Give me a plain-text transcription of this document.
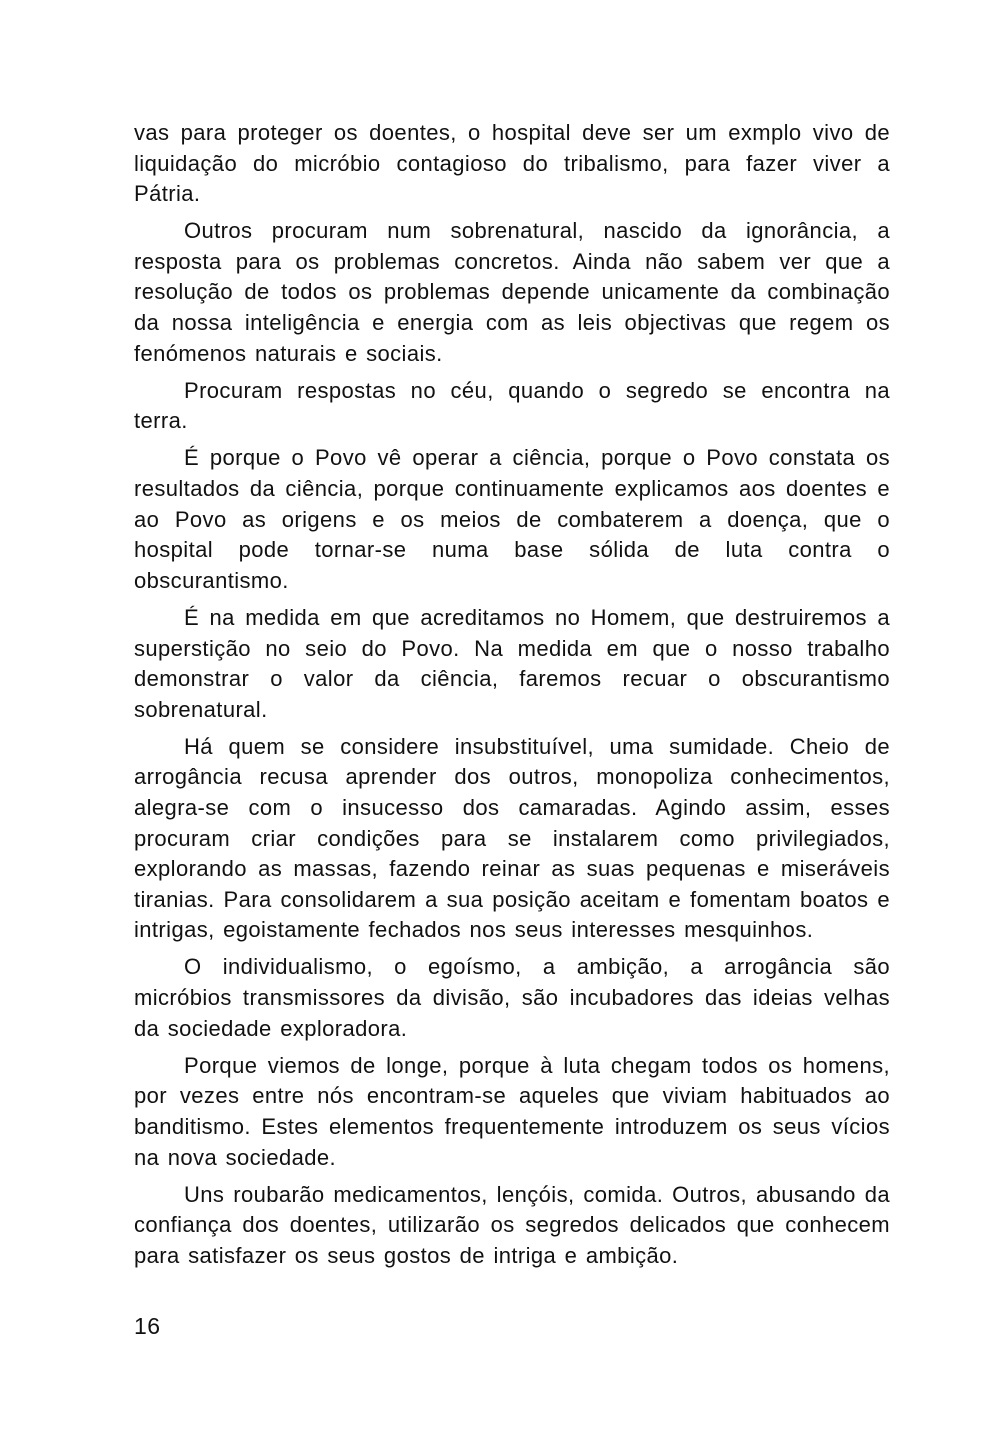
vas para proteger os doentes, o hospital deve ser um exmplo vivo de liquidação do micróbio contagioso do tribalismo, para fazer viver a Pátria.

Outros procuram num sobrenatural, nascido da ignorância, a resposta para os problemas concretos. Ainda não sabem ver que a resolução de todos os problemas depende unicamente da combinação da nossa inteligência e energia com as leis objectivas que regem os fenómenos naturais e sociais.

Procuram respostas no céu, quando o segredo se encontra na terra.

É porque o Povo vê operar a ciência, porque o Povo constata os resultados da ciência, porque continuamente explicamos aos doentes e ao Povo as origens e os meios de combaterem a doença, que o hospital pode tornar-se numa base sólida de luta contra o obscurantismo.

É na medida em que acreditamos no Homem, que destruiremos a superstição no seio do Povo. Na medida em que o nosso trabalho demonstrar o valor da ciência, faremos recuar o obscurantismo sobrenatural.

Há quem se considere insubstituível, uma sumidade. Cheio de arrogância recusa aprender dos outros, monopoliza conhecimentos, alegra-se com o insucesso dos camaradas. Agindo assim, esses procuram criar condições para se instalarem como privilegiados, explorando as massas, fazendo reinar as suas pequenas e miseráveis tiranias. Para consolidarem a sua posição aceitam e fomentam boatos e intrigas, egoistamente fechados nos seus interesses mesquinhos.

O individualismo, o egoísmo, a ambição, a arrogância são micróbios transmissores da divisão, são incubadores das ideias velhas da sociedade exploradora.

Porque viemos de longe, porque à luta chegam todos os homens, por vezes entre nós encontram-se aqueles que viviam habituados ao banditismo. Estes elementos frequentemente introduzem os seus vícios na nova sociedade.

Uns roubarão medicamentos, lençóis, comida. Outros, abusando da confiança dos doentes, utilizarão os segredos delicados que conhecem para satisfazer os seus gostos de intriga e ambição.

16
